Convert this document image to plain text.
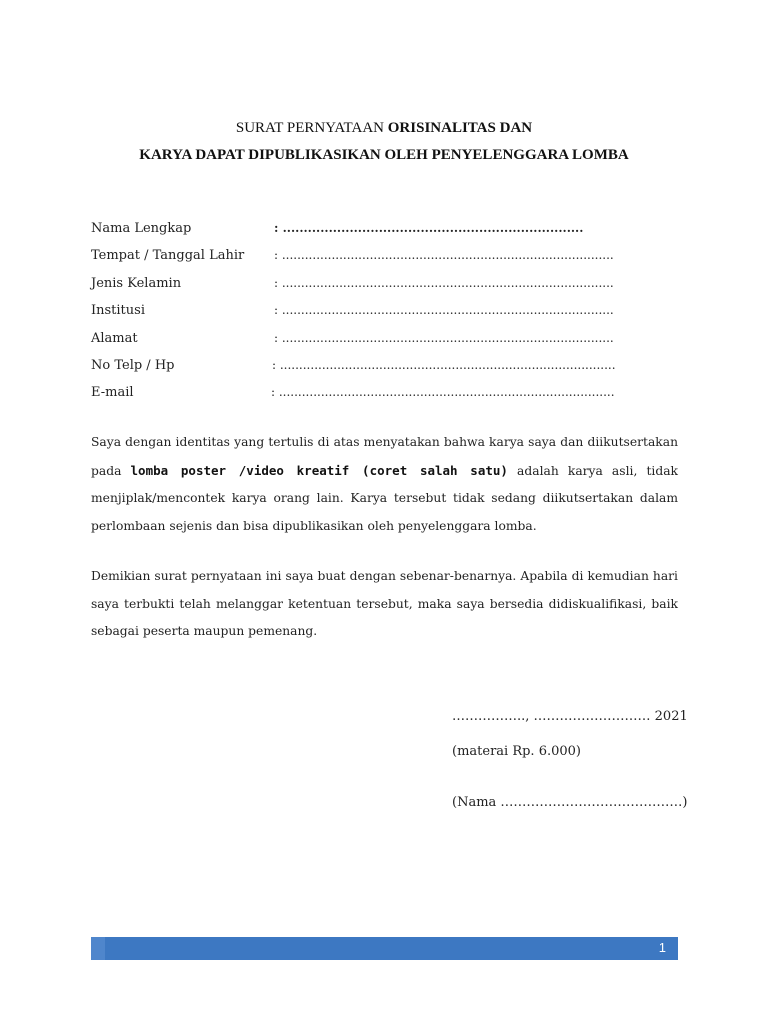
SURAT PERNYATAAN ORISINALITAS DAN
KARYA DAPAT DIPUBLIKASIKAN OLEH PENYELENGGARA LOMBA
Nama Lengkap	: ........................................................................
Tempat / Tanggal Lahir : .......................................................................................
Jenis Kelamin	: .......................................................................................
Institusi	: .......................................................................................
Alamat	: .......................................................................................
No Telp / Hp	: ........................................................................................
E-mail	: ........................................................................................
Saya dengan identitas yang tertulis di atas menyatakan bahwa karya saya dan diikutsertakan pada lomba poster /video kreatif (coret salah satu) adalah karya asli, tidak menjiplak/mencontek karya orang lain. Karya tersebut tidak sedang diikutsertakan dalam perlombaan sejenis dan bisa dipublikasikan oleh penyelenggara lomba.
Demikian surat pernyataan ini saya buat dengan sebenar-benarnya. Apabila di kemudian hari saya terbukti telah melanggar ketentuan tersebut, maka saya bersedia didiskualifikasi, baik sebagai peserta maupun pemenang.
…………….., ……………………… 2021
(materai Rp. 6.000)
(Nama ……………………………………)
1
